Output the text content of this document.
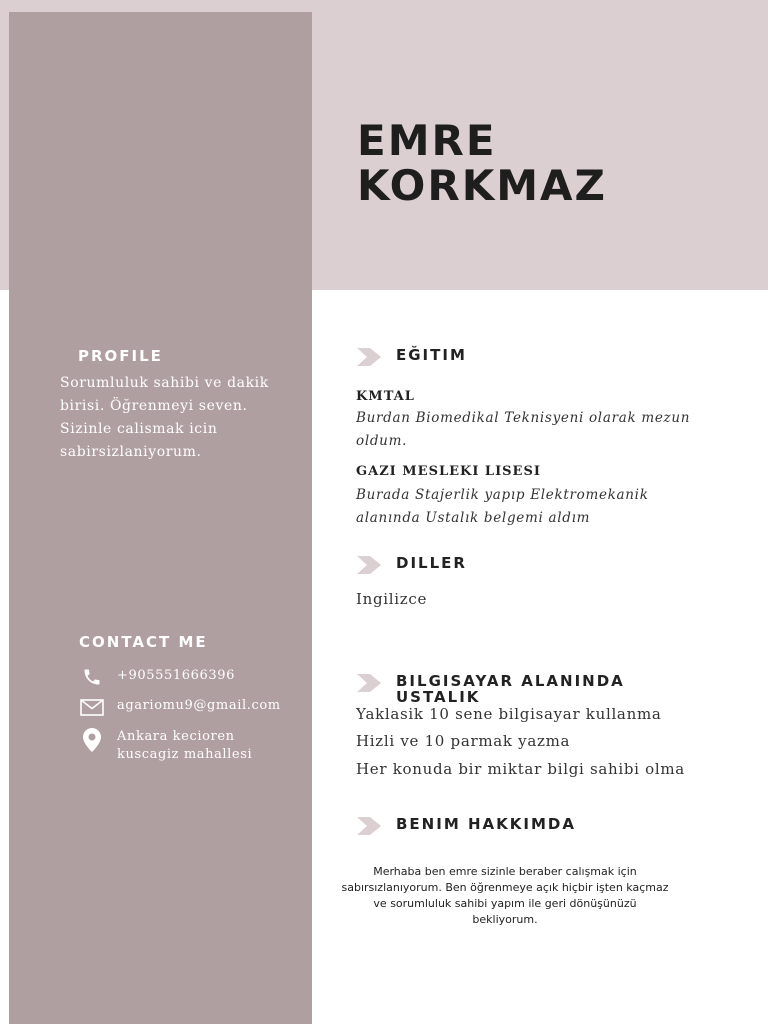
EMRE
KORKMAZ
PROFILE

Sorumluluk sahibi ve dakik birisi. Öğrenmeyi seven. Sizinle calismak icin sabirsizlaniyorum.

CONTACT ME
+905551666396
agariomu9@gmail.com
Ankara kecioren
kuscagiz mahallesi
EĞITIM

KMTAL

Burdan Biomedikal Teknisyeni olarak mezun oldum.

GAZI MESLEKI LISESI

Burada Stajerlik yapıp Elektromekanik alanında Ustalık belgemi aldım

DILLER

Ingilizce

BILGISAYAR ALANINDA USTALIK

Yaklasik 10 sene bilgisayar kullanma

Hizli ve 10 parmak yazma

Her konuda bir miktar bilgi sahibi olma

BENIM HAKKIMDA

Merhaba ben emre sizinle beraber calışmak için sabırsızlanıyorum. Ben öğrenmeye açık hiçbir işten kaçmaz ve sorumluluk sahibi yapım ile geri dönüşünüzü bekliyorum.
